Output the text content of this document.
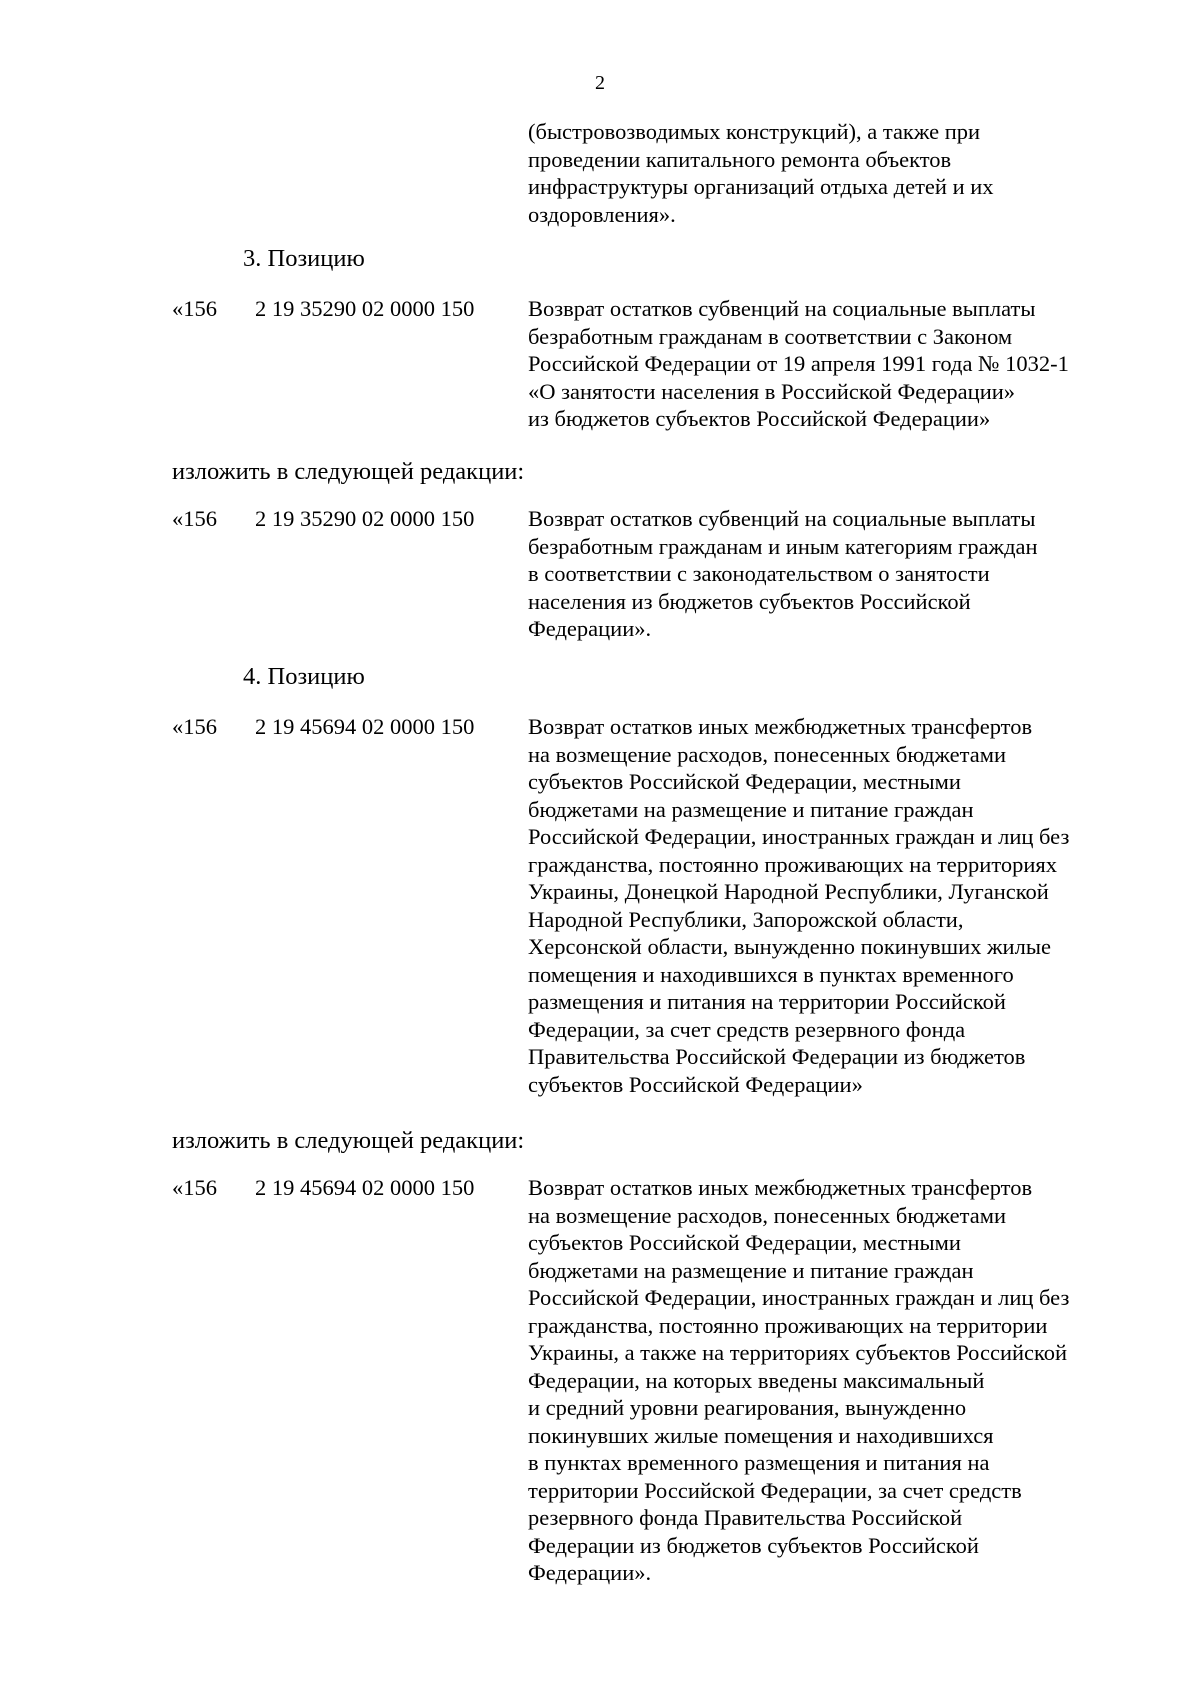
2
(быстровозводимых конструкций), а также при
проведении капитального ремонта объектов
инфраструктуры организаций отдыха детей и их
оздоровления».
3. Позицию
«156 2 19 35290 02 0000 150 Возврат остатков субвенций на социальные выплаты
безработным гражданам в соответствии с Законом
Российской Федерации от 19 апреля 1991 года № 1032-1
«О занятости населения в Российской Федерации»
из бюджетов субъектов Российской Федерации»
изложить в следующей редакции:
«156 2 19 35290 02 0000 150 Возврат остатков субвенций на социальные выплаты
безработным гражданам и иным категориям граждан
в соответствии с законодательством о занятости
населения из бюджетов субъектов Российской
Федерации».
4. Позицию
«156 2 19 45694 02 0000 150 Возврат остатков иных межбюджетных трансфертов
на возмещение расходов, понесенных бюджетами
субъектов Российской Федерации, местными
бюджетами на размещение и питание граждан
Российской Федерации, иностранных граждан и лиц без
гражданства, постоянно проживающих на территориях
Украины, Донецкой Народной Республики, Луганской
Народной Республики, Запорожской области,
Херсонской области, вынужденно покинувших жилые
помещения и находившихся в пунктах временного
размещения и питания на территории Российской
Федерации, за счет средств резервного фонда
Правительства Российской Федерации из бюджетов
субъектов Российской Федерации»
изложить в следующей редакции:
«156 2 19 45694 02 0000 150 Возврат остатков иных межбюджетных трансфертов
на возмещение расходов, понесенных бюджетами
субъектов Российской Федерации, местными
бюджетами на размещение и питание граждан
Российской Федерации, иностранных граждан и лиц без
гражданства, постоянно проживающих на территории
Украины, а также на территориях субъектов Российской
Федерации, на которых введены максимальный
и средний уровни реагирования, вынужденно
покинувших жилые помещения и находившихся
в пунктах временного размещения и питания на
территории Российской Федерации, за счет средств
резервного фонда Правительства Российской
Федерации из бюджетов субъектов Российской
Федерации».
